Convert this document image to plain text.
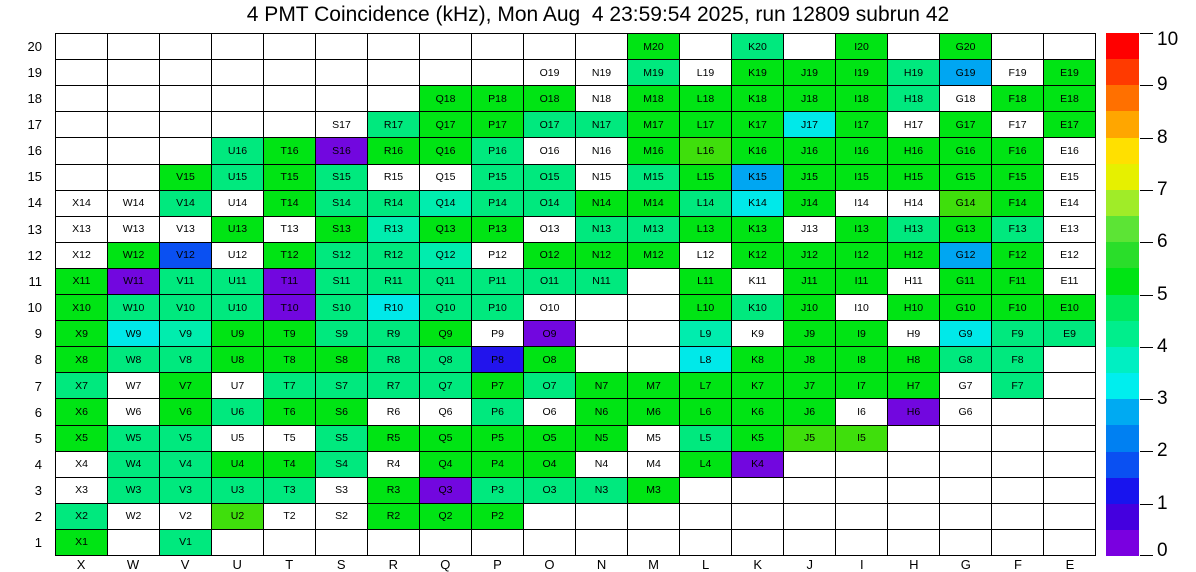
4 PMT Coincidence (kHz), Mon Aug  4 23:59:54 2025, run 12809 subrun 42
20
19
18
17
16
15
14
13
12
11
10
9
8
7
6
5
4
3
2
1
M20	K20	I20	G20
O19	N19	M19	L19	K19	J19	I19	H19	G19	F19	E19
Q18	P18	O18	N18	M18	L18	K18	J18	I18	H18	G18	F18	E18
S17	R17	Q17	P17	O17	N17	M17	L17	K17	J17	I17	H17	G17	F17	E17
U16	T16	S16	R16	Q16	P16	O16	N16	M16	L16	K16	J16	I16	H16	G16	F16	E16
V15	U15	T15	S15	R15	Q15	P15	O15	N15	M15	L15	K15	J15	I15	H15	G15	F15	E15
X14	W14	V14	U14	T14	S14	R14	Q14	P14	O14	N14	M14	L14	K14	J14	I14	H14	G14	F14	E14
X13	W13	V13	U13	T13	S13	R13	Q13	P13	O13	N13	M13	L13	K13	J13	I13	H13	G13	F13	E13
X12	W12	V12	U12	T12	S12	R12	Q12	P12	O12	N12	M12	L12	K12	J12	I12	H12	G12	F12	E12
X11	W11	V11	U11	T11	S11	R11	Q11	P11	O11	N11	L11	K11	J11	I11	H11	G11	F11	E11
X10	W10	V10	U10	T10	S10	R10	Q10	P10	O10	L10	K10	J10	I10	H10	G10	F10	E10
X9	W9	V9	U9	T9	S9	R9	Q9	P9	O9	L9	K9	J9	I9	H9	G9	F9	E9
X8	W8	V8	U8	T8	S8	R8	Q8	P8	O8	L8	K8	J8	I8	H8	G8	F8
X7	W7	V7	U7	T7	S7	R7	Q7	P7	O7	N7	M7	L7	K7	J7	I7	H7	G7	F7
X6	W6	V6	U6	T6	S6	R6	Q6	P6	O6	N6	M6	L6	K6	J6	I6	H6	G6
X5	W5	V5	U5	T5	S5	R5	Q5	P5	O5	N5	M5	L5	K5	J5	I5
X4	W4	V4	U4	T4	S4	R4	Q4	P4	O4	N4	M4	L4	K4
X3	W3	V3	U3	T3	S3	R3	Q3	P3	O3	N3	M3
X2	W2	V2	U2	T2	S2	R2	Q2	P2
X1	V1
X	W	V	U	T	S	R	Q	P	O	N	M	L	K	J	I	H	G	F	E
0
1
2
3
4
5
6
7
8
9
10
